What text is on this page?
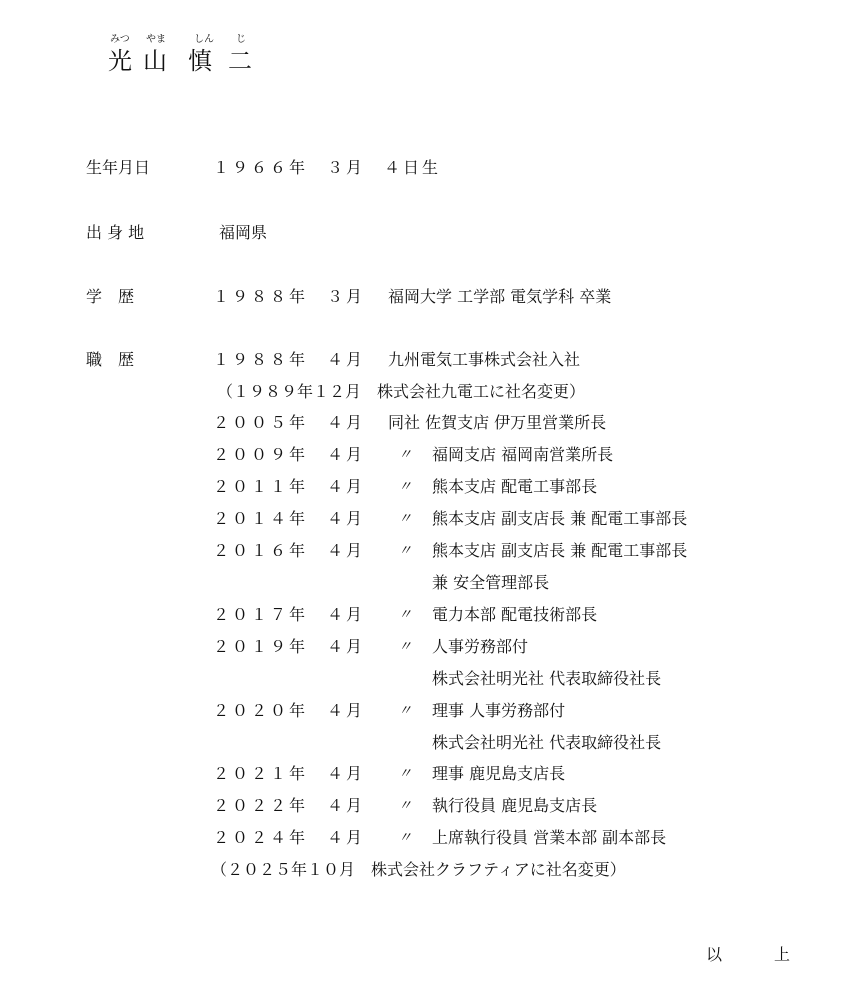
みつ やま	しん じ
光 山 慎 二
生年月日	１９６６年　３月　４日生
出 身 地	福岡県
学　歴	１９８８年　３月 福岡大学 工学部 電気学科 卒業
職　歴	１９８８年　４月 九州電気工事株式会社入社
（１９８９年１２月　株式会社九電工に社名変更）
２００５年　４月 同社 佐賀支店 伊万里営業所長
２００９年　４月 〃 福岡支店 福岡南営業所長
２０１１年　４月 〃 熊本支店 配電工事部長
２０１４年　４月 〃 熊本支店 副支店長 兼 配電工事部長
２０１６年　４月 〃 熊本支店 副支店長 兼 配電工事部長
兼 安全管理部長
２０１７年　４月 〃 電力本部 配電技術部長
２０１９年　４月 〃 人事労務部付
株式会社明光社 代表取締役社長
２０２０年　４月 〃 理事 人事労務部付
株式会社明光社 代表取締役社長
２０２１年　４月 〃 理事 鹿児島支店長
２０２２年　４月 〃 執行役員 鹿児島支店長
２０２４年　４月 〃 上席執行役員 営業本部 副本部長
（２０２５年１０月　株式会社クラフティアに社名変更）
以　上
